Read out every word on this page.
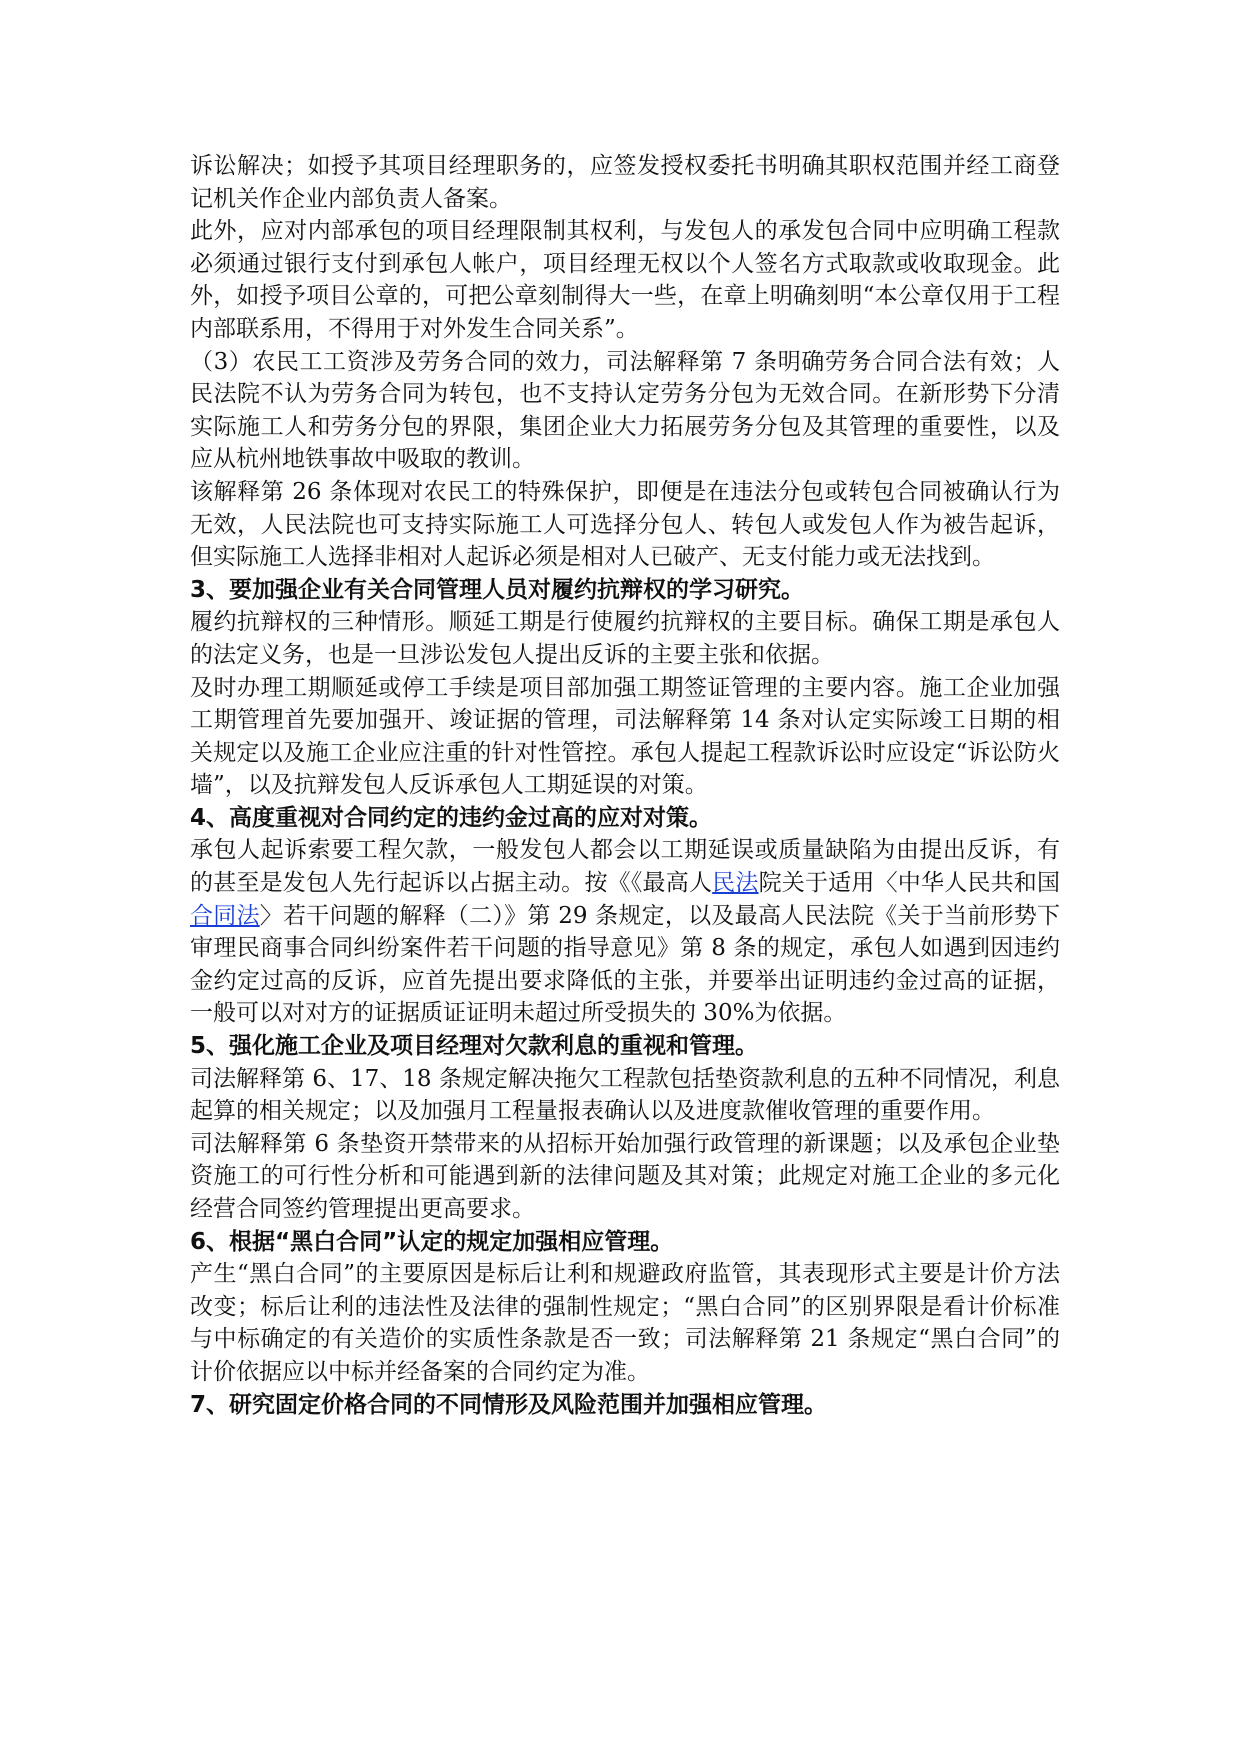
诉讼解决；如授予其项目经理职务的，应签发授权委托书明确其职权范围并经工商登记机关作企业内部负责人备案。

此外，应对内部承包的项目经理限制其权利，与发包人的承发包合同中应明确工程款必须通过银行支付到承包人帐户，项目经理无权以个人签名方式取款或收取现金。此外，如授予项目公章的，可把公章刻制得大一些，在章上明确刻明“本公章仅用于工程内部联系用，不得用于对外发生合同关系”。

（3）农民工工资涉及劳务合同的效力，司法解释第 7 条明确劳务合同合法有效；人民法院不认为劳务合同为转包，也不支持认定劳务分包为无效合同。在新形势下分清实际施工人和劳务分包的界限，集团企业大力拓展劳务分包及其管理的重要性，以及应从杭州地铁事故中吸取的教训。

该解释第 26 条体现对农民工的特殊保护，即便是在违法分包或转包合同被确认行为无效，人民法院也可支持实际施工人可选择分包人、转包人或发包人作为被告起诉，但实际施工人选择非相对人起诉必须是相对人已破产、无支付能力或无法找到。

3、要加强企业有关合同管理人员对履约抗辩权的学习研究。

履约抗辩权的三种情形。顺延工期是行使履约抗辩权的主要目标。确保工期是承包人的法定义务，也是一旦涉讼发包人提出反诉的主要主张和依据。

及时办理工期顺延或停工手续是项目部加强工期签证管理的主要内容。施工企业加强工期管理首先要加强开、竣证据的管理，司法解释第 14 条对认定实际竣工日期的相关规定以及施工企业应注重的针对性管控。承包人提起工程款诉讼时应设定“诉讼防火墙”，以及抗辩发包人反诉承包人工期延误的对策。

4、高度重视对合同约定的违约金过高的应对对策。

承包人起诉索要工程欠款，一般发包人都会以工期延误或质量缺陷为由提出反诉，有的甚至是发包人先行起诉以占据主动。按《《最高人民法院关于适用〈中华人民共和国合同法〉若干问题的解释（二）》第 29 条规定，以及最高人民法院《关于当前形势下审理民商事合同纠纷案件若干问题的指导意见》第 8 条的规定，承包人如遇到因违约金约定过高的反诉，应首先提出要求降低的主张，并要举出证明违约金过高的证据，一般可以对对方的证据质证证明未超过所受损失的 30%为依据。

5、强化施工企业及项目经理对欠款利息的重视和管理。

司法解释第 6、17、18 条规定解决拖欠工程款包括垫资款利息的五种不同情况，利息起算的相关规定；以及加强月工程量报表确认以及进度款催收管理的重要作用。

司法解释第 6 条垫资开禁带来的从招标开始加强行政管理的新课题；以及承包企业垫资施工的可行性分析和可能遇到新的法律问题及其对策；此规定对施工企业的多元化经营合同签约管理提出更高要求。

6、根据“黑白合同”认定的规定加强相应管理。

产生“黑白合同”的主要原因是标后让利和规避政府监管，其表现形式主要是计价方法改变；标后让利的违法性及法律的强制性规定；“黑白合同”的区别界限是看计价标准与中标确定的有关造价的实质性条款是否一致；司法解释第 21 条规定“黑白合同”的计价依据应以中标并经备案的合同约定为准。

7、研究固定价格合同的不同情形及风险范围并加强相应管理。
